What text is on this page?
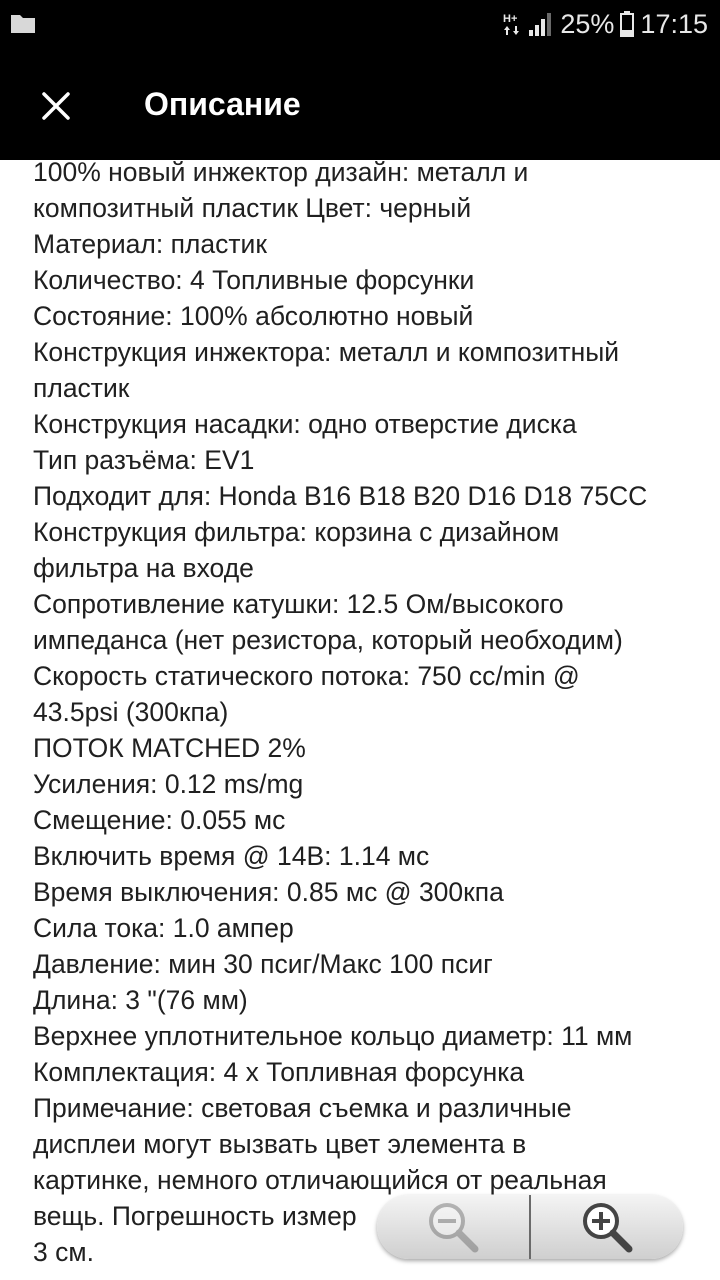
H+ 25% 17:15
Описание
100% новый инжектор дизайн: металл и
композитный пластик Цвет: черный
Материал: пластик
Количество: 4 Топливные форсунки
Состояние: 100% абсолютно новый
Конструкция инжектора: металл и композитный
пластик
Конструкция насадки: одно отверстие диска
Тип разъёма: EV1
Подходит для: Honda B16 B18 B20 D16 D18 75CC
Конструкция фильтра: корзина с дизайном
фильтра на входе
Сопротивление катушки: 12.5 Ом/высокого
импеданса (нет резистора, который необходим)
Скорость статического потока: 750 cc/min @
43.5psi (300кпа)
ПОТОК MATCHED 2%
Усиления: 0.12 ms/mg
Смещение: 0.055 мс
Включить время @ 14В: 1.14 мс
Время выключения: 0.85 мс @ 300кпа
Сила тока: 1.0 ампер
Давление: мин 30 псиг/Макс 100 псиг
Длина: 3 "(76 мм)
Верхнее уплотнительное кольцо диаметр: 11 мм
Комплектация: 4 x Топливная форсунка
Примечание: световая съемка и различные
дисплеи могут вызвать цвет элемента в
картинке, немного отличающийся от реальная
вещь. Погрешность измер
3 см.
